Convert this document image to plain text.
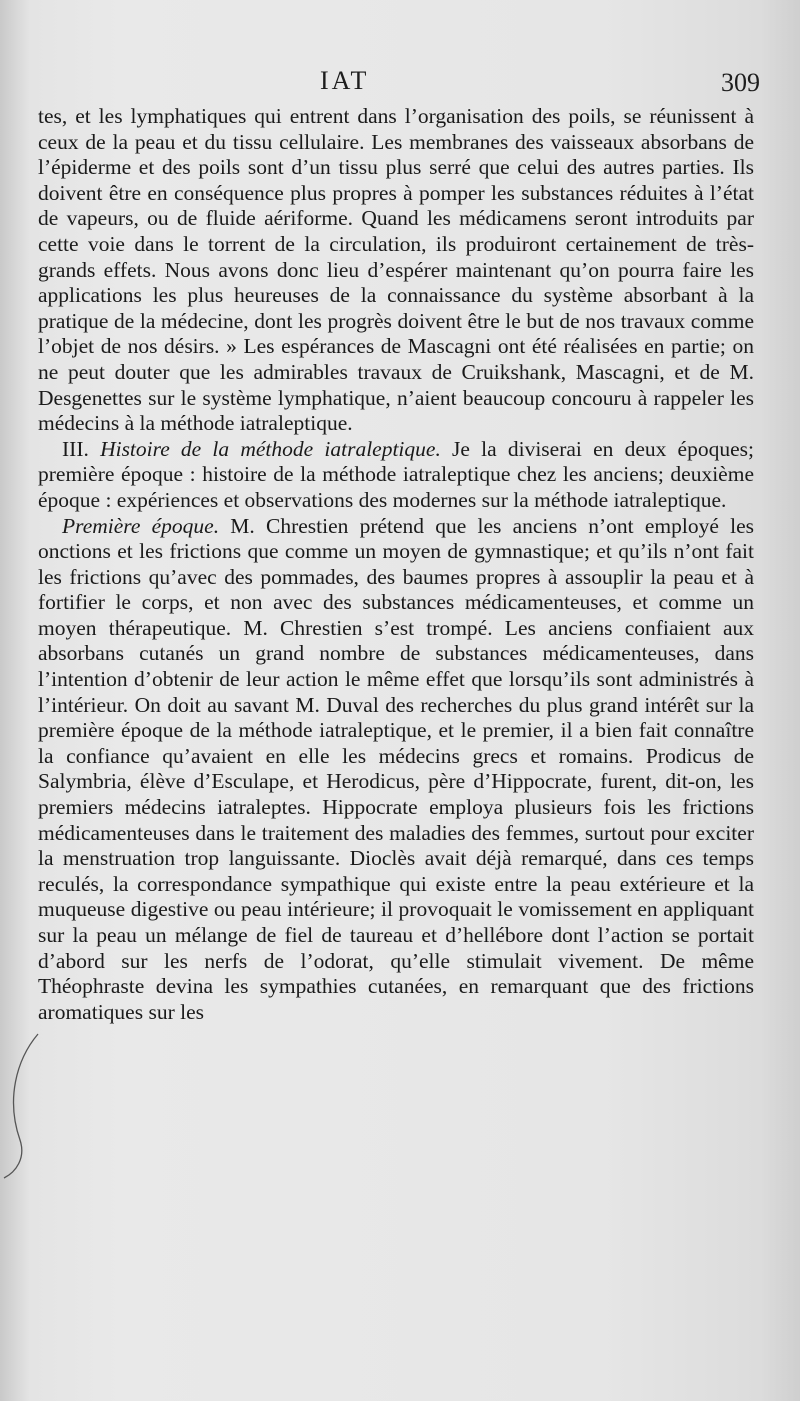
IAT	309

tes, et les lymphatiques qui entrent dans l’organisation des poils, se réunissent à ceux de la peau et du tissu cellulaire. Les membranes des vaisseaux absorbans de l’épiderme et des poils sont d’un tissu plus serré que celui des autres parties. Ils doivent être en conséquence plus propres à pomper les substances réduites à l’état de vapeurs, ou de fluide aériforme. Quand les médicamens seront introduits par cette voie dans le torrent de la circulation, ils produiront certainement de très-grands effets. Nous avons donc lieu d’espérer maintenant qu’on pourra faire les applications les plus heureuses de la connaissance du système absorbant à la pratique de la médecine, dont les progrès doivent être le but de nos travaux comme l’objet de nos désirs. » Les espérances de Mascagni ont été réalisées en partie; on ne peut douter que les admirables travaux de Cruikshank, Mascagni, et de M. Desgenettes sur le système lymphatique, n’aient beaucoup concouru à rappeler les médecins à la méthode iatraleptique.

III. Histoire de la méthode iatraleptique. Je la diviserai en deux époques; première époque : histoire de la méthode iatraleptique chez les anciens; deuxième époque : expériences et observations des modernes sur la méthode iatraleptique.

Première époque. M. Chrestien prétend que les anciens n’ont employé les onctions et les frictions que comme un moyen de gymnastique; et qu’ils n’ont fait les frictions qu’avec des pommades, des baumes propres à assouplir la peau et à fortifier le corps, et non avec des substances médicamenteuses, et comme un moyen thérapeutique. M. Chrestien s’est trompé. Les anciens confiaient aux absorbans cutanés un grand nombre de substances médicamenteuses, dans l’intention d’obtenir de leur action le même effet que lorsqu’ils sont administrés à l’intérieur. On doit au savant M. Duval des recherches du plus grand intérêt sur la première époque de la méthode iatraleptique, et le premier, il a bien fait connaître la confiance qu’avaient en elle les médecins grecs et romains. Prodicus de Salymbria, élève d’Esculape, et Herodicus, père d’Hippocrate, furent, dit-on, les premiers médecins iatraleptes. Hippocrate employa plusieurs fois les frictions médicamenteuses dans le traitement des maladies des femmes, surtout pour exciter la menstruation trop languissante. Dioclès avait déjà remarqué, dans ces temps reculés, la correspondance sympathique qui existe entre la peau extérieure et la muqueuse digestive ou peau intérieure; il provoquait le vomissement en appliquant sur la peau un mélange de fiel de taureau et d’hellébore dont l’action se portait d’abord sur les nerfs de l’odorat, qu’elle stimulait vivement. De même Théophraste devina les sympathies cutanées, en remarquant que des frictions aromatiques sur les
